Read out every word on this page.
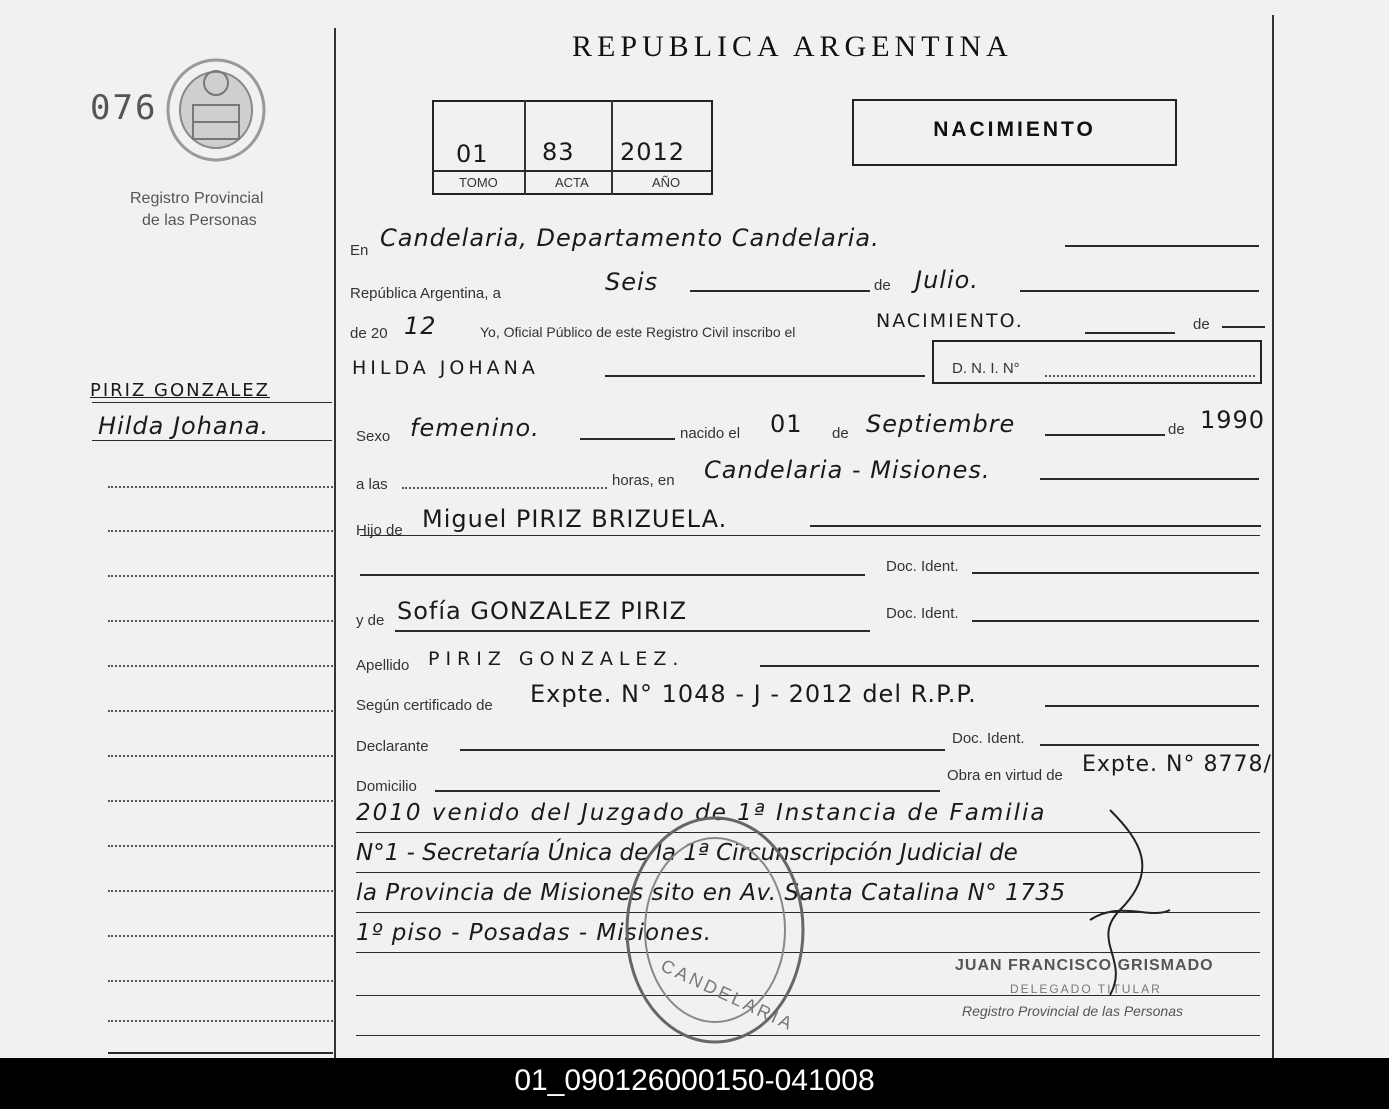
076
Registro Provincial
de las Personas
REPUBLICA ARGENTINA
01 83 2012
TOMO	ACTA	AÑO
NACIMIENTO
PIRIZ GONZALEZ
Hilda Johana.
En Candelaria, Departamento Candelaria.
República Argentina, a	Seis	de Julio.
de 20 12	Yo, Oficial Público de este Registro Civil inscribo el	NACIMIENTO.	de
HILDA JOHANA	D. N. I. N°
Sexo femenino.	nacido el 01 de Septiembre	de 1990
a las	horas, en Candelaria - Misiones.
Hijo de Miguel PIRIZ BRIZUELA.
Doc. Ident.
y de Sofía GONZALEZ PIRIZ	Doc. Ident.
Apellido PIRIZ GONZALEZ.
Según certificado de Expte. N° 1048 - J - 2012 del R.P.P.
Declarante	Doc. Ident.
Domicilio
Obra en virtud de Expte. N° 8778/
2010 venido del Juzgado de 1ª Instancia de Familia
N°1 - Secretaría Única de la 1ª Circunscripción Judicial de
la Provincia de Misiones sito en Av. Santa Catalina N° 1735
1º piso - Posadas - Misiones.
CANDELARIA	JUAN FRANCISCO GRISMADO
DELEGADO TITULAR
Registro Provincial de las Personas
01_090126000150-041008
